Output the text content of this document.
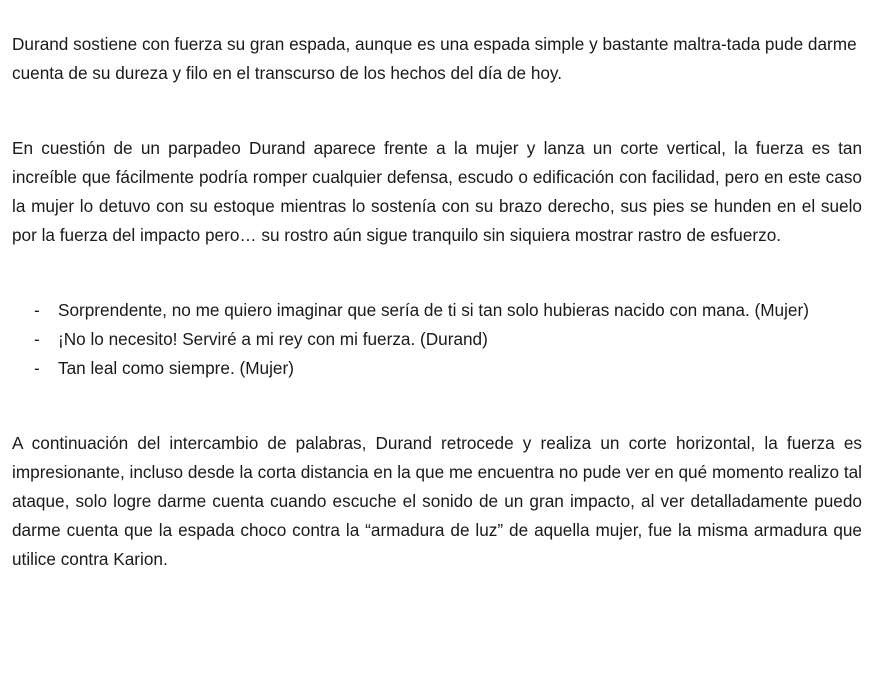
Durand sostiene con fuerza su gran espada, aunque es una espada simple y bastante maltra-tada pude darme cuenta de su dureza y filo en el transcurso de los hechos del día de hoy.

En cuestión de un parpadeo Durand aparece frente a la mujer y lanza un corte vertical, la fuerza es tan increíble que fácilmente podría romper cualquier defensa, escudo o edificación con facilidad, pero en este caso la mujer lo detuvo con su estoque mientras lo sostenía con su brazo derecho, sus pies se hunden en el suelo por la fuerza del impacto pero… su rostro aún sigue tranquilo sin siquiera mostrar rastro de esfuerzo.

- Sorprendente, no me quiero imaginar que sería de ti si tan solo hubieras nacido con mana. (Mujer)
- ¡No lo necesito! Serviré a mi rey con mi fuerza. (Durand)
- Tan leal como siempre. (Mujer)

A continuación del intercambio de palabras, Durand retrocede y realiza un corte horizontal, la fuerza es impresionante, incluso desde la corta distancia en la que me encuentra no pude ver en qué momento realizo tal ataque, solo logre darme cuenta cuando escuche el sonido de un gran impacto, al ver detalladamente puedo darme cuenta que la espada choco contra la “armadura de luz” de aquella mujer, fue la misma armadura que utilice contra Karion.
